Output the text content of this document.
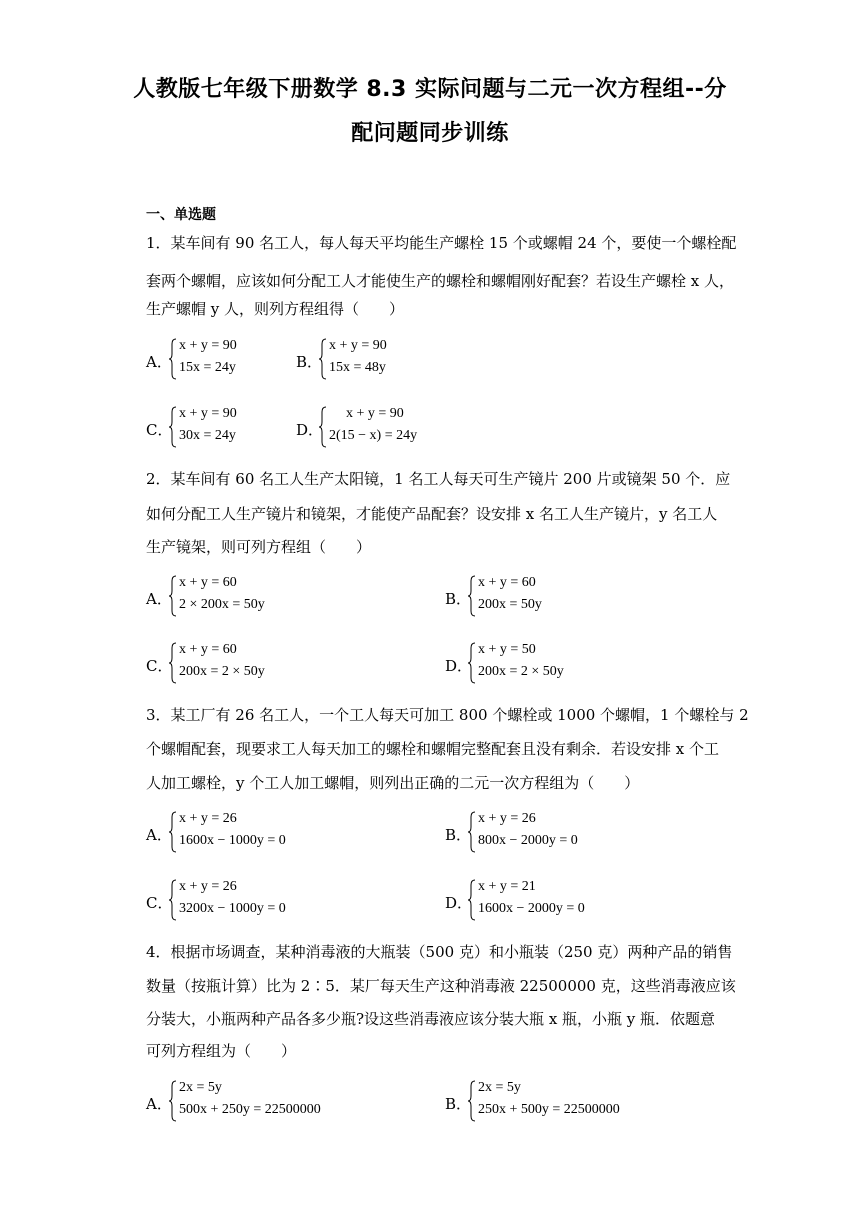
人教版七年级下册数学 8.3 实际问题与二元一次方程组--分
配问题同步训练
一、单选题
1．某车间有 90 名工人，每人每天平均能生产螺栓 15 个或螺帽 24 个，要使一个螺栓配
套两个螺帽，应该如何分配工人才能使生产的螺栓和螺帽刚好配套？若设生产螺栓 x 人，
生产螺帽 y 人，则列方程组得（　　）
A．
x + y = 90
15x = 24y	B．
x + y = 90
15x = 48y
C．
x + y = 90
30x = 24y	D．
x + y = 90
2(15 − x) = 24y
2．某车间有 60 名工人生产太阳镜，1 名工人每天可生产镜片 200 片或镜架 50 个．应
如何分配工人生产镜片和镜架，才能使产品配套？设安排 x 名工人生产镜片，y 名工人
生产镜架，则可列方程组（　　）
A．
x + y = 60
2 × 200x = 50y	B．
x + y = 60
200x = 50y
C．
x + y = 60
200x = 2 × 50y	D．
x + y = 50
200x = 2 × 50y
3．某工厂有 26 名工人，一个工人每天可加工 800 个螺栓或 1000 个螺帽，1 个螺栓与 2
个螺帽配套，现要求工人每天加工的螺栓和螺帽完整配套且没有剩余．若设安排 x 个工
人加工螺栓，y 个工人加工螺帽，则列出正确的二元一次方程组为（　　）
A．
x + y = 26
1600x − 1000y = 0	B．
x + y = 26
800x − 2000y = 0
C．
x + y = 26
3200x − 1000y = 0	D．
x + y = 21
1600x − 2000y = 0
4．根据市场调查，某种消毒液的大瓶装（500 克）和小瓶装（250 克）两种产品的销售
数量（按瓶计算）比为 2∶5．某厂每天生产这种消毒液 22500000 克，这些消毒液应该
分装大，小瓶两种产品各多少瓶?设这些消毒液应该分装大瓶 x 瓶，小瓶 y 瓶．依题意
可列方程组为（　　）
A．
2x = 5y
500x + 250y = 22500000	B．
2x = 5y
250x + 500y = 22500000
